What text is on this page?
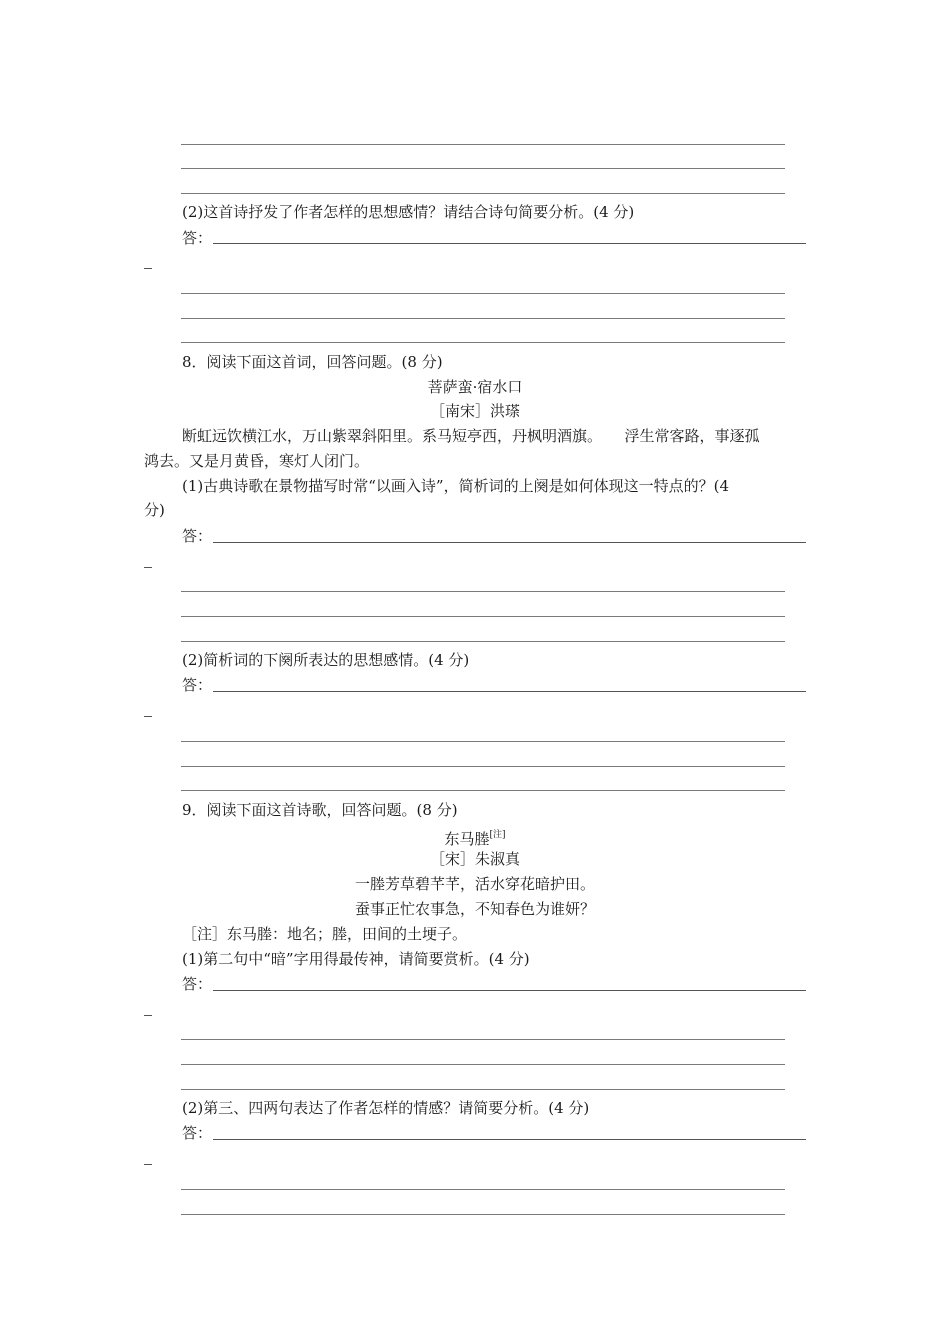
(2)这首诗抒发了作者怎样的思想感情？请结合诗句简要分析。(4 分)
答：
8．阅读下面这首词，回答问题。(8 分)
菩萨蛮·宿水口
［南宋］洪瑹
断虹远饮横江水，万山紫翠斜阳里。系马短亭西，丹枫明酒旗。　　浮生常客路，事逐孤
鸿去。又是月黄昏，寒灯人闭门。
(1)古典诗歌在景物描写时常“以画入诗”，简析词的上阕是如何体现这一特点的？(4
分)
答：
(2)简析词的下阕所表达的思想感情。(4 分)
答：
9．阅读下面这首诗歌，回答问题。(8 分)
东马塍[注]
［宋］朱淑真
一塍芳草碧芊芊，活水穿花暗护田。
蚕事正忙农事急，不知春色为谁妍？
［注］东马塍：地名；塍，田间的土埂子。
(1)第二句中“暗”字用得最传神，请简要赏析。(4 分)
答：
(2)第三、四两句表达了作者怎样的情感？请简要分析。(4 分)
答：
